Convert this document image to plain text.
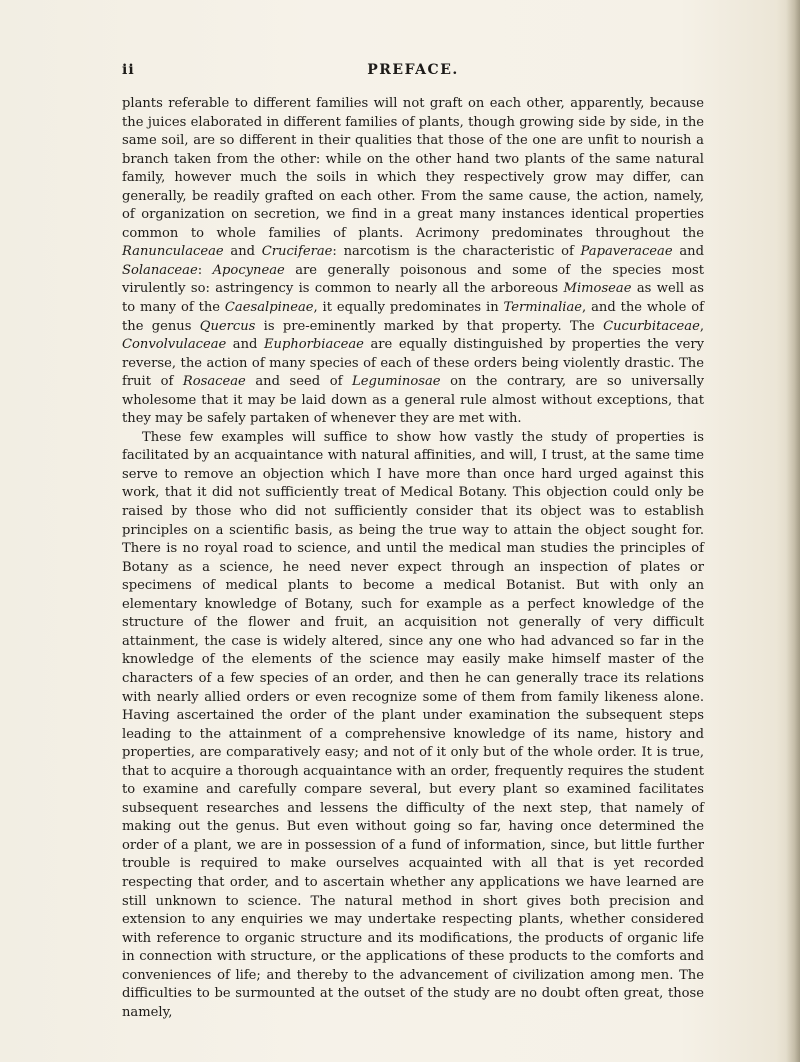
ii	PREFACE.

plants referable to different families will not graft on each other, apparently, because the juices elaborated in different families of plants, though growing side by side, in the same soil, are so different in their qualities that those of the one are unfit to nourish a branch taken from the other: while on the other hand two plants of the same natural family, however much the soils in which they respectively grow may differ, can generally, be readily grafted on each other. From the same cause, the action, namely, of organization on secretion, we find in a great many instances identical properties common to whole families of plants. Acrimony predominates throughout the Ranunculaceae and Cruciferae: narcotism is the characteristic of Papaveraceae and Solanaceae: Apocyneae are generally poisonous and some of the species most virulently so: astringency is common to nearly all the arboreous Mimoseae as well as to many of the Caesalpineae, it equally predominates in Terminaliae, and the whole of the genus Quercus is pre-eminently marked by that property. The Cucurbitaceae, Convolvulaceae and Euphorbiaceae are equally distinguished by properties the very reverse, the action of many species of each of these orders being violently drastic. The fruit of Rosaceae and seed of Leguminosae on the contrary, are so universally wholesome that it may be laid down as a general rule almost without exceptions, that they may be safely partaken of whenever they are met with.

These few examples will suffice to show how vastly the study of properties is facilitated by an acquaintance with natural affinities, and will, I trust, at the same time serve to remove an objection which I have more than once hard urged against this work, that it did not sufficiently treat of Medical Botany. This objection could only be raised by those who did not sufficiently consider that its object was to establish principles on a scientific basis, as being the true way to attain the object sought for. There is no royal road to science, and until the medical man studies the principles of Botany as a science, he need never expect through an inspection of plates or specimens of medical plants to become a medical Botanist. But with only an elementary knowledge of Botany, such for example as a perfect knowledge of the structure of the flower and fruit, an acquisition not generally of very difficult attainment, the case is widely altered, since any one who had advanced so far in the knowledge of the elements of the science may easily make himself master of the characters of a few species of an order, and then he can generally trace its relations with nearly allied orders or even recognize some of them from family likeness alone. Having ascertained the order of the plant under examination the subsequent steps leading to the attainment of a comprehensive knowledge of its name, history and properties, are comparatively easy; and not of it only but of the whole order. It is true, that to acquire a thorough acquaintance with an order, frequently requires the student to examine and carefully compare several, but every plant so examined facilitates subsequent researches and lessens the difficulty of the next step, that namely of making out the genus. But even without going so far, having once determined the order of a plant, we are in possession of a fund of information, since, but little further trouble is required to make ourselves acquainted with all that is yet recorded respecting that order, and to ascertain whether any applications we have learned are still unknown to science. The natural method in short gives both precision and extension to any enquiries we may undertake respecting plants, whether considered with reference to organic structure and its modifications, the products of organic life in connection with structure, or the applications of these products to the comforts and conveniences of life; and thereby to the advancement of civilization among men. The difficulties to be surmounted at the outset of the study are no doubt often great, those namely,
